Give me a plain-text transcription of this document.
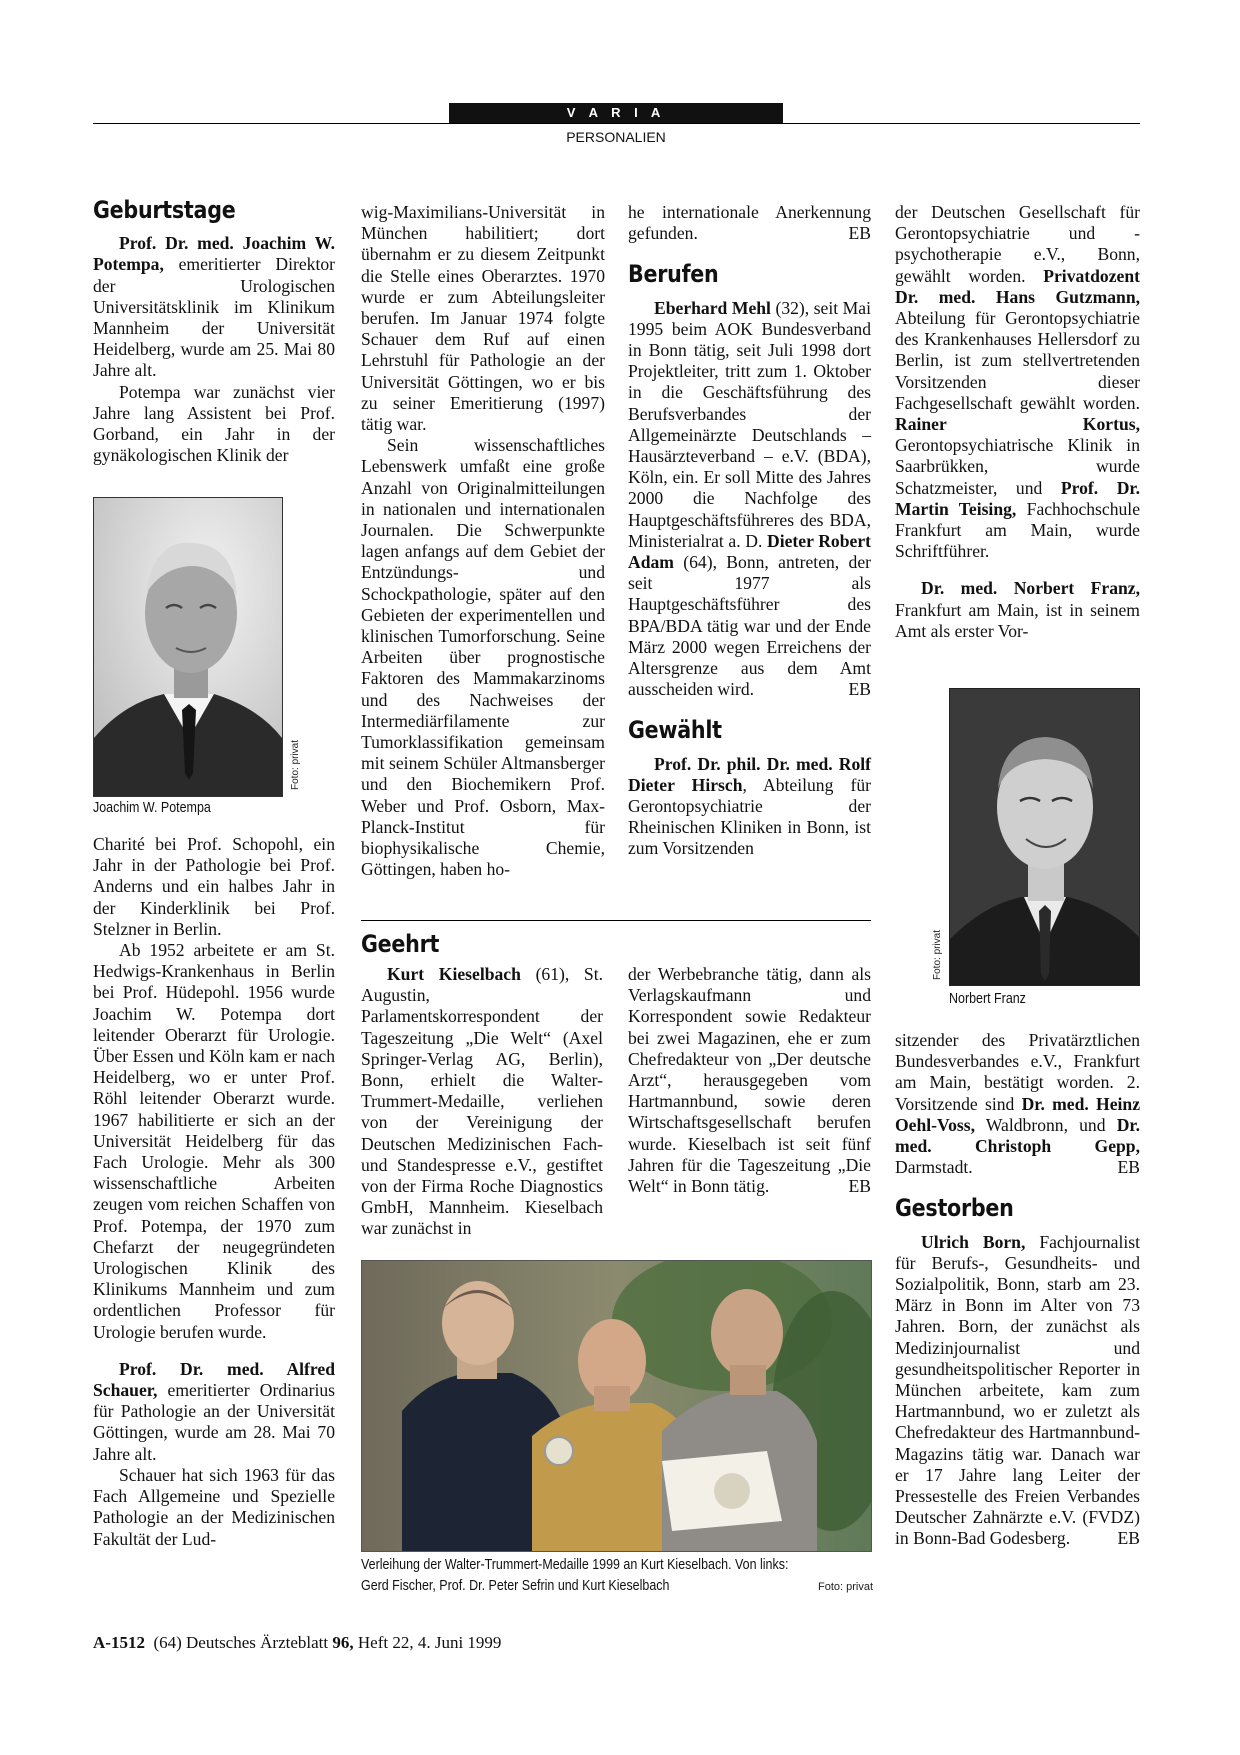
V A R I A
PERSONALIEN
Geburtstage

Prof. Dr. med. Joachim W. Potempa, emeritierter Direktor der Urologischen Universitätsklinik im Klinikum Mannheim der Universität Heidelberg, wurde am 25. Mai 80 Jahre alt.

Potempa war zunächst vier Jahre lang Assistent bei Prof. Gorband, ein Jahr in der gynäkologischen Klinik der

Foto: privat
Joachim W. Potempa

Charité bei Prof. Schopohl, ein Jahr in der Pathologie bei Prof. Anderns und ein halbes Jahr in der Kinderklinik bei Prof. Stelzner in Berlin.

Ab 1952 arbeitete er am St. Hedwigs-Krankenhaus in Berlin bei Prof. Hüdepohl. 1956 wurde Joachim W. Potempa dort leitender Oberarzt für Urologie. Über Essen und Köln kam er nach Heidelberg, wo er unter Prof. Röhl leitender Oberarzt wurde. 1967 habilitierte er sich an der Universität Heidelberg für das Fach Urologie. Mehr als 300 wissenschaftliche Arbeiten zeugen vom reichen Schaffen von Prof. Potempa, der 1970 zum Chefarzt der neugegründeten Urologischen Klinik des Klinikums Mannheim und zum ordentlichen Professor für Urologie berufen wurde.

Prof. Dr. med. Alfred Schauer, emeritierter Ordinarius für Pathologie an der Universität Göttingen, wurde am 28. Mai 70 Jahre alt.

Schauer hat sich 1963 für das Fach Allgemeine und Spezielle Pathologie an der Medizinischen Fakultät der Lud-

wig-Maximilians-Universität in München habilitiert; dort übernahm er zu diesem Zeitpunkt die Stelle eines Oberarztes. 1970 wurde er zum Abteilungsleiter berufen. Im Januar 1974 folgte Schauer dem Ruf auf einen Lehrstuhl für Pathologie an der Universität Göttingen, wo er bis zu seiner Emeritierung (1997) tätig war.

Sein wissenschaftliches Lebenswerk umfaßt eine große Anzahl von Originalmitteilungen in nationalen und internationalen Journalen. Die Schwerpunkte lagen anfangs auf dem Gebiet der Entzündungs- und Schockpathologie, später auf den Gebieten der experimentellen und klinischen Tumorforschung. Seine Arbeiten über prognostische Faktoren des Mammakarzinoms und des Nachweises der Intermediärfilamente zur Tumorklassifikation gemeinsam mit seinem Schüler Altmansberger und den Biochemikern Prof. Weber und Prof. Osborn, Max-Planck-Institut für biophysikalische Chemie, Göttingen, haben ho-

he internationale Anerkennung gefunden.	EB

Berufen

Eberhard Mehl (32), seit Mai 1995 beim AOK Bundesverband in Bonn tätig, seit Juli 1998 dort Projektleiter, tritt zum 1. Oktober in die Geschäftsführung des Berufsverbandes der Allgemeinärzte Deutschlands – Hausärzteverband – e.V. (BDA), Köln, ein. Er soll Mitte des Jahres 2000 die Nachfolge des Hauptgeschäftsführeres des BDA, Ministerialrat a. D. Dieter Robert Adam (64), Bonn, antreten, der seit 1977 als Hauptgeschäftsführer des BPA/BDA tätig war und der Ende März 2000 wegen Erreichens der Altersgrenze aus dem Amt ausscheiden wird.	EB

Gewählt

Prof. Dr. phil. Dr. med. Rolf Dieter Hirsch, Abteilung für Gerontopsychiatrie der Rheinischen Kliniken in Bonn, ist zum Vorsitzenden

der Deutschen Gesellschaft für Gerontopsychiatrie und -psychotherapie e.V., Bonn, gewählt worden. Privatdozent Dr. med. Hans Gutzmann, Abteilung für Gerontopsychiatrie des Krankenhauses Hellersdorf zu Berlin, ist zum stellvertretenden Vorsitzenden dieser Fachgesellschaft gewählt worden. Rainer Kortus, Gerontopsychiatrische Klinik in Saarbrükken, wurde Schatzmeister, und Prof. Dr. Martin Teising, Fachhochschule Frankfurt am Main, wurde Schriftführer.

Dr. med. Norbert Franz, Frankfurt am Main, ist in seinem Amt als erster Vor-

Foto: privat
Norbert Franz

sitzender des Privatärztlichen Bundesverbandes e.V., Frankfurt am Main, bestätigt worden. 2. Vorsitzende sind Dr. med. Heinz Oehl-Voss, Waldbronn, und Dr. med. Christoph Gepp, Darmstadt.	EB

Gestorben

Ulrich Born, Fachjournalist für Berufs-, Gesundheits- und Sozialpolitik, Bonn, starb am 23. März in Bonn im Alter von 73 Jahren. Born, der zunächst als Medizinjournalist und gesundheitspolitischer Reporter in München arbeitete, kam zum Hartmannbund, wo er zuletzt als Chefredakteur des Hartmannbund-Magazins tätig war. Danach war er 17 Jahre lang Leiter der Pressestelle des Freien Verbandes Deutscher Zahnärzte e.V. (FVDZ) in Bonn-Bad Godesberg.	EB

Geehrt

Kurt Kieselbach (61), St. Augustin, Parlamentskorrespondent der Tageszeitung „Die Welt“ (Axel Springer-Verlag AG, Berlin), Bonn, erhielt die Walter-Trummert-Medaille, verliehen von der Vereinigung der Deutschen Medizinischen Fach- und Standespresse e.V., gestiftet von der Firma Roche Diagnostics GmbH, Mannheim. Kieselbach war zunächst in

der Werbebranche tätig, dann als Verlagskaufmann und Korrespondent sowie Redakteur bei zwei Magazinen, ehe er zum Chefredakteur von „Der deutsche Arzt“, herausgegeben vom Hartmannbund, sowie deren Wirtschaftsgesellschaft berufen wurde. Kieselbach ist seit fünf Jahren für die Tageszeitung „Die Welt“ in Bonn tätig.	EB

Verleihung der Walter-Trummert-Medaille 1999 an Kurt Kieselbach. Von links:
Gerd Fischer, Prof. Dr. Peter Sefrin und Kurt Kieselbach	Foto: privat
A-1512 (64) Deutsches Ärzteblatt 96, Heft 22, 4. Juni 1999
